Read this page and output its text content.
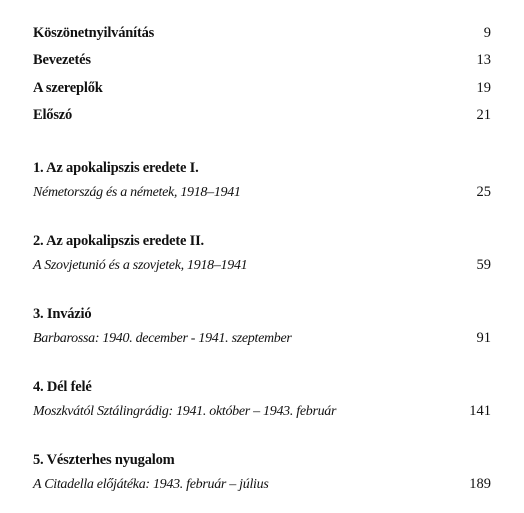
Köszönetnyilvánítás	9
Bevezetés	13
A szereplők	19
Előszó	21
1. Az apokalipszis eredete I.
Németország és a németek, 1918–1941	25
2. Az apokalipszis eredete II.
A Szovjetunió és a szovjetek, 1918–1941	59
3. Invázió
Barbarossa: 1940. december - 1941. szeptember	91
4. Dél felé
Moszkvától Sztálingrádig: 1941. október – 1943. február	141
5. Vészterhes nyugalom
A Citadella előjátéka: 1943. február – július	189
